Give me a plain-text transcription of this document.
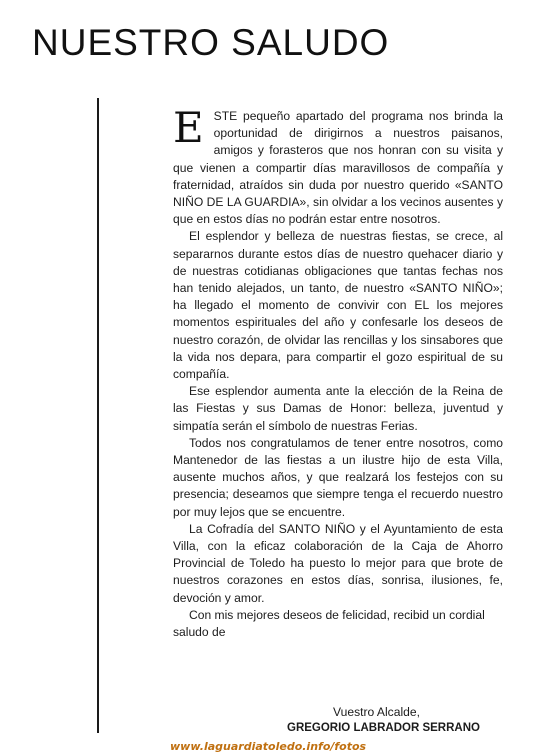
NUESTRO SALUDO

ESTE pequeño apartado del programa nos brinda la oportunidad de dirigirnos a nuestros paisanos, amigos y forasteros que nos honran con su visita y que vienen a compartir días maravillosos de compañía y fraternidad, atraídos sin duda por nuestro querido «SANTO NIÑO DE LA GUARDIA», sin olvidar a los vecinos ausentes y que en estos días no podrán estar entre nosotros.

El esplendor y belleza de nuestras fiestas, se crece, al separarnos durante estos días de nuestro quehacer diario y de nuestras cotidianas obligaciones que tantas fechas nos han tenido alejados, un tanto, de nuestro «SANTO NIÑO»; ha llegado el momento de convivir con EL los mejores momentos espirituales del año y confesarle los deseos de nuestro corazón, de olvidar las rencillas y los sinsabores que la vida nos depara, para compartir el gozo espiritual de su compañía.

Ese esplendor aumenta ante la elección de la Reina de las Fiestas y sus Damas de Honor: belleza, juventud y simpatía serán el símbolo de nuestras Ferias.

Todos nos congratulamos de tener entre nosotros, como Mantenedor de las fiestas a un ilustre hijo de esta Villa, ausente muchos años, y que realzará los festejos con su presencia; deseamos que siempre tenga el recuerdo nuestro por muy lejos que se encuentre.

La Cofradía del SANTO NIÑO y el Ayuntamiento de esta Villa, con la eficaz colaboración de la Caja de Ahorro Provincial de Toledo ha puesto lo mejor para que brote de nuestros corazones en estos días, sonrisa, ilusiones, fe, devoción y amor.

Con mis mejores deseos de felicidad, recibid un cordial saludo de

Vuestro Alcalde,
GREGORIO LABRADOR SERRANO
www.laguardiatoledo.info/fotos
